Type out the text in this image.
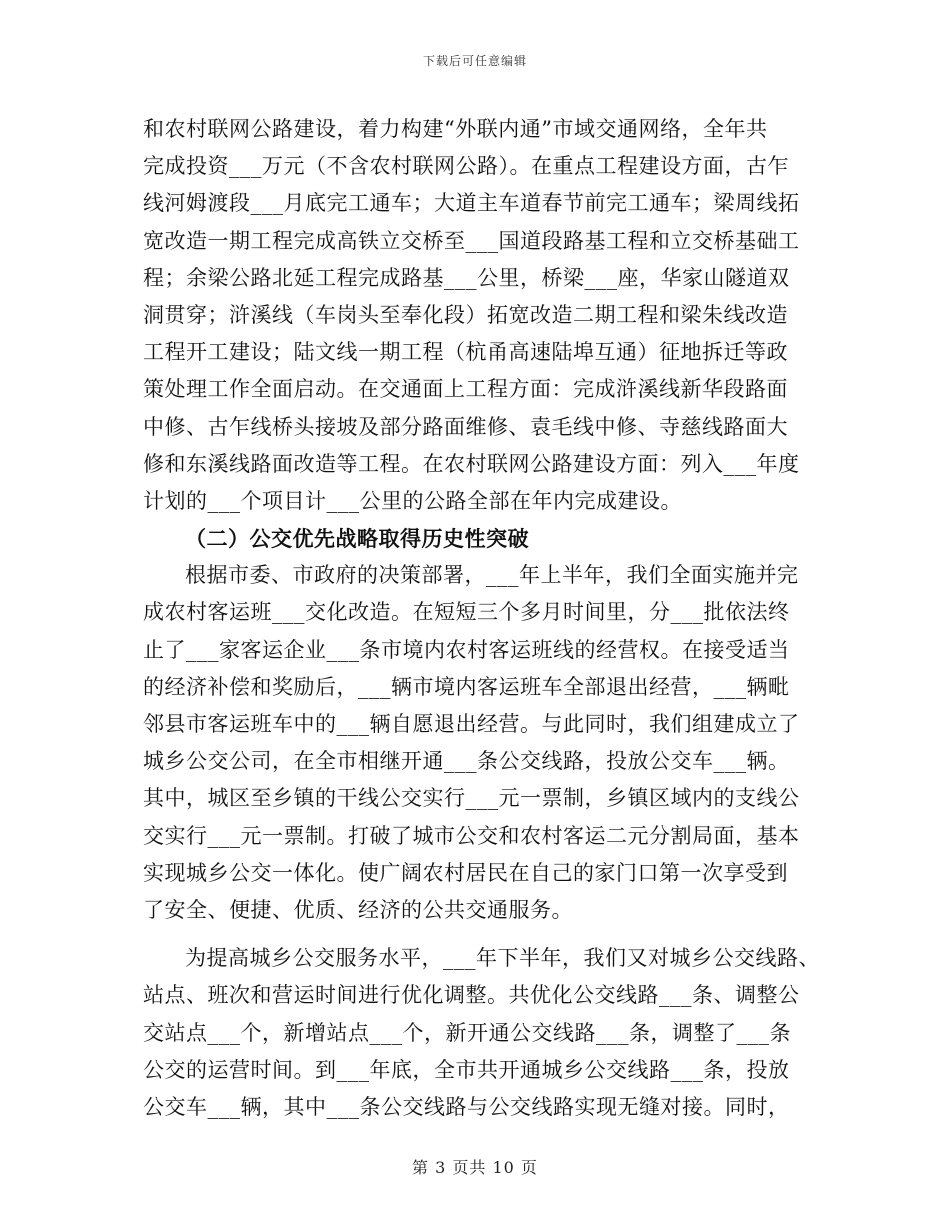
下载后可任意编辑
和农村联网公路建设，着力构建“外联内通”市域交通网络，全年共
完成投资___万元（不含农村联网公路）。在重点工程建设方面，古乍
线河姆渡段___月底完工通车；大道主车道春节前完工通车；梁周线拓
宽改造一期工程完成高铁立交桥至___国道段路基工程和立交桥基础工
程；余梁公路北延工程完成路基___公里，桥梁___座，华家山隧道双
洞贯穿；浒溪线（车岗头至奉化段）拓宽改造二期工程和梁朱线改造
工程开工建设；陆文线一期工程（杭甬高速陆埠互通）征地拆迁等政
策处理工作全面启动。在交通面上工程方面：完成浒溪线新华段路面
中修、古乍线桥头接坡及部分路面维修、袁毛线中修、寺慈线路面大
修和东溪线路面改造等工程。在农村联网公路建设方面：列入___年度
计划的___个项目计___公里的公路全部在年内完成建设。
（二）公交优先战略取得历史性突破
根据市委、市政府的决策部署，___年上半年，我们全面实施并完
成农村客运班___交化改造。在短短三个多月时间里，分___批依法终
止了___家客运企业___条市境内农村客运班线的经营权。在接受适当
的经济补偿和奖励后，___辆市境内客运班车全部退出经营，___辆毗
邻县市客运班车中的___辆自愿退出经营。与此同时，我们组建成立了
城乡公交公司，在全市相继开通___条公交线路，投放公交车___辆。
其中，城区至乡镇的干线公交实行___元一票制，乡镇区域内的支线公
交实行___元一票制。打破了城市公交和农村客运二元分割局面，基本
实现城乡公交一体化。使广阔农村居民在自己的家门口第一次享受到
了安全、便捷、优质、经济的公共交通服务。
为提高城乡公交服务水平，___年下半年，我们又对城乡公交线路、
站点、班次和营运时间进行优化调整。共优化公交线路___条、调整公
交站点___个，新增站点___个，新开通公交线路___条，调整了___条
公交的运营时间。到___年底，全市共开通城乡公交线路___条，投放
公交车___辆，其中___条公交线路与公交线路实现无缝对接。同时，
第 3 页共 10 页
